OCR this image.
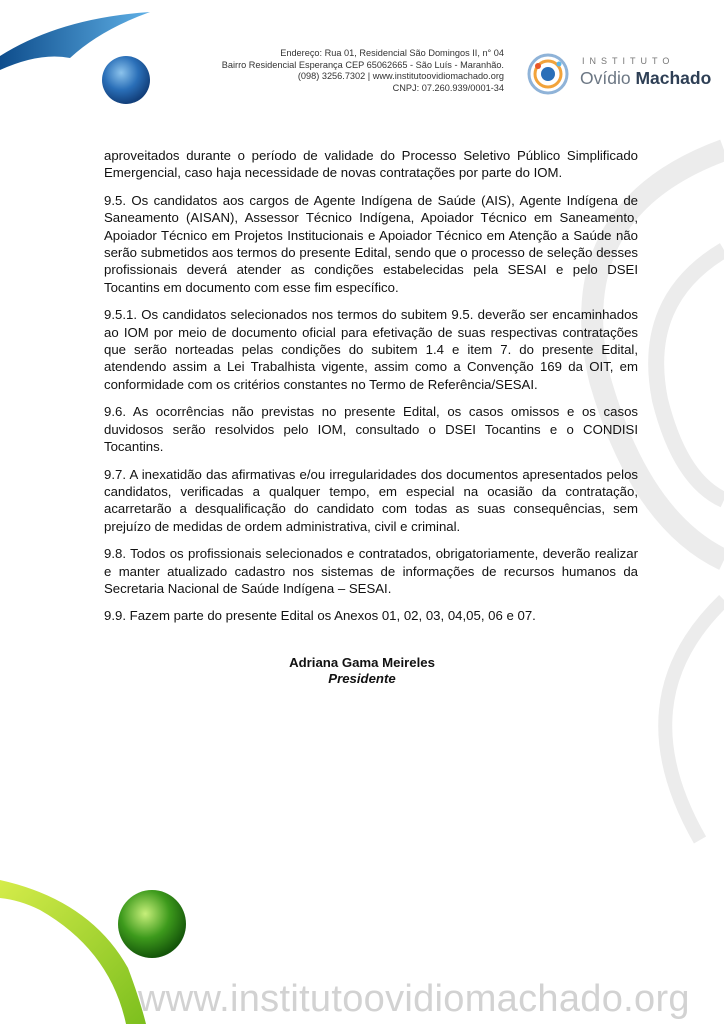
Endereço: Rua 01, Residencial São Domingos II, n° 04
Bairro Residencial Esperança CEP 65062665 - São Luís - Maranhão.
(098) 3256.7302 | www.institutoovidiomachado.org
CNPJ: 07.260.939/0001-34
INSTITUTO
Ovídio Machado

aproveitados durante o período de validade do Processo Seletivo Público Simplificado Emergencial, caso haja necessidade de novas contratações por parte do IOM.

9.5. Os candidatos aos cargos de Agente Indígena de Saúde (AIS), Agente Indígena de Saneamento (AISAN), Assessor Técnico Indígena, Apoiador Técnico em Saneamento, Apoiador Técnico em Projetos Institucionais e Apoiador Técnico em Atenção a Saúde não serão submetidos aos termos do presente Edital, sendo que o processo de seleção desses profissionais deverá atender as condições estabelecidas pela SESAI e pelo DSEI Tocantins em documento com esse fim específico.

9.5.1. Os candidatos selecionados nos termos do subitem 9.5. deverão ser encaminhados ao IOM por meio de documento oficial para efetivação de suas respectivas contratações que serão norteadas pelas condições do subitem 1.4 e item 7. do presente Edital, atendendo assim a Lei Trabalhista vigente, assim como a Convenção 169 da OIT, em conformidade com os critérios constantes no Termo de Referência/SESAI.

9.6. As ocorrências não previstas no presente Edital, os casos omissos e os casos duvidosos serão resolvidos pelo IOM, consultado o DSEI Tocantins e o CONDISI Tocantins.

9.7. A inexatidão das afirmativas e/ou irregularidades dos documentos apresentados pelos candidatos, verificadas a qualquer tempo, em especial na ocasião da contratação, acarretarão a desqualificação do candidato com todas as suas consequências, sem prejuízo de medidas de ordem administrativa, civil e criminal.

9.8. Todos os profissionais selecionados e contratados, obrigatoriamente, deverão realizar e manter atualizado cadastro nos sistemas de informações de recursos humanos da Secretaria Nacional de Saúde Indígena – SESAI.

9.9. Fazem parte do presente Edital os Anexos 01, 02, 03, 04,05, 06 e 07.

Adriana Gama Meireles
Presidente
www.institutoovidiomachado.org
